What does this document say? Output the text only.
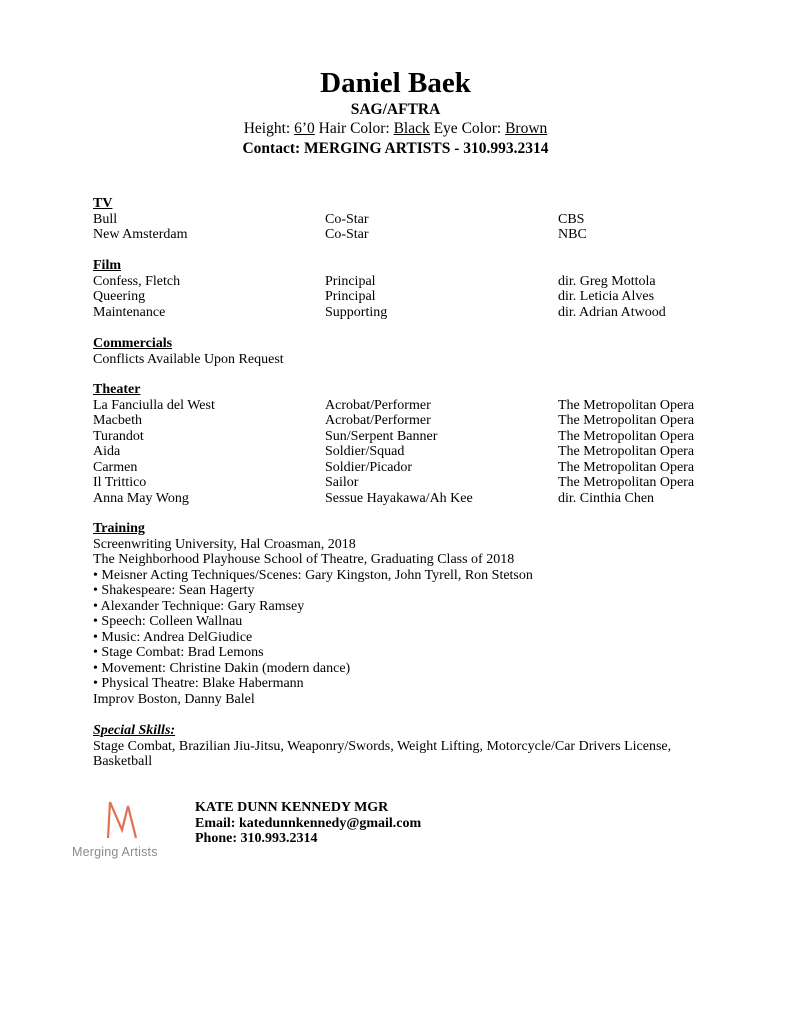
Daniel Baek
SAG/AFTRA
Height: 6’0 Hair Color: Black Eye Color: Brown
Contact: MERGING ARTISTS - 310.993.2314
TV
Bull	Co-Star	CBS
New Amsterdam	Co-Star	NBC
Film
Confess, Fletch	Principal	dir. Greg Mottola
Queering	Principal	dir. Leticia Alves
Maintenance	Supporting	dir. Adrian Atwood
Commercials
Conflicts Available Upon Request
Theater
La Fanciulla del West	Acrobat/Performer	The Metropolitan Opera
Macbeth	Acrobat/Performer	The Metropolitan Opera
Turandot	Sun/Serpent Banner	The Metropolitan Opera
Aida	Soldier/Squad	The Metropolitan Opera
Carmen	Soldier/Picador	The Metropolitan Opera
Il Trittico	Sailor	The Metropolitan Opera
Anna May Wong	Sessue Hayakawa/Ah Kee	dir. Cinthia Chen
Training
Screenwriting University, Hal Croasman, 2018
The Neighborhood Playhouse School of Theatre, Graduating Class of 2018
• Meisner Acting Techniques/Scenes: Gary Kingston, John Tyrell, Ron Stetson
• Shakespeare: Sean Hagerty
• Alexander Technique: Gary Ramsey
• Speech: Colleen Wallnau
• Music: Andrea DelGiudice
• Stage Combat: Brad Lemons
• Movement: Christine Dakin (modern dance)
• Physical Theatre: Blake Habermann
Improv Boston, Danny Balel
Special Skills:
Stage Combat, Brazilian Jiu-Jitsu, Weaponry/Swords, Weight Lifting, Motorcycle/Car Drivers License, Basketball
Merging Artists
KATE DUNN KENNEDY MGR
Email: katedunnkennedy@gmail.com
Phone: 310.993.2314
